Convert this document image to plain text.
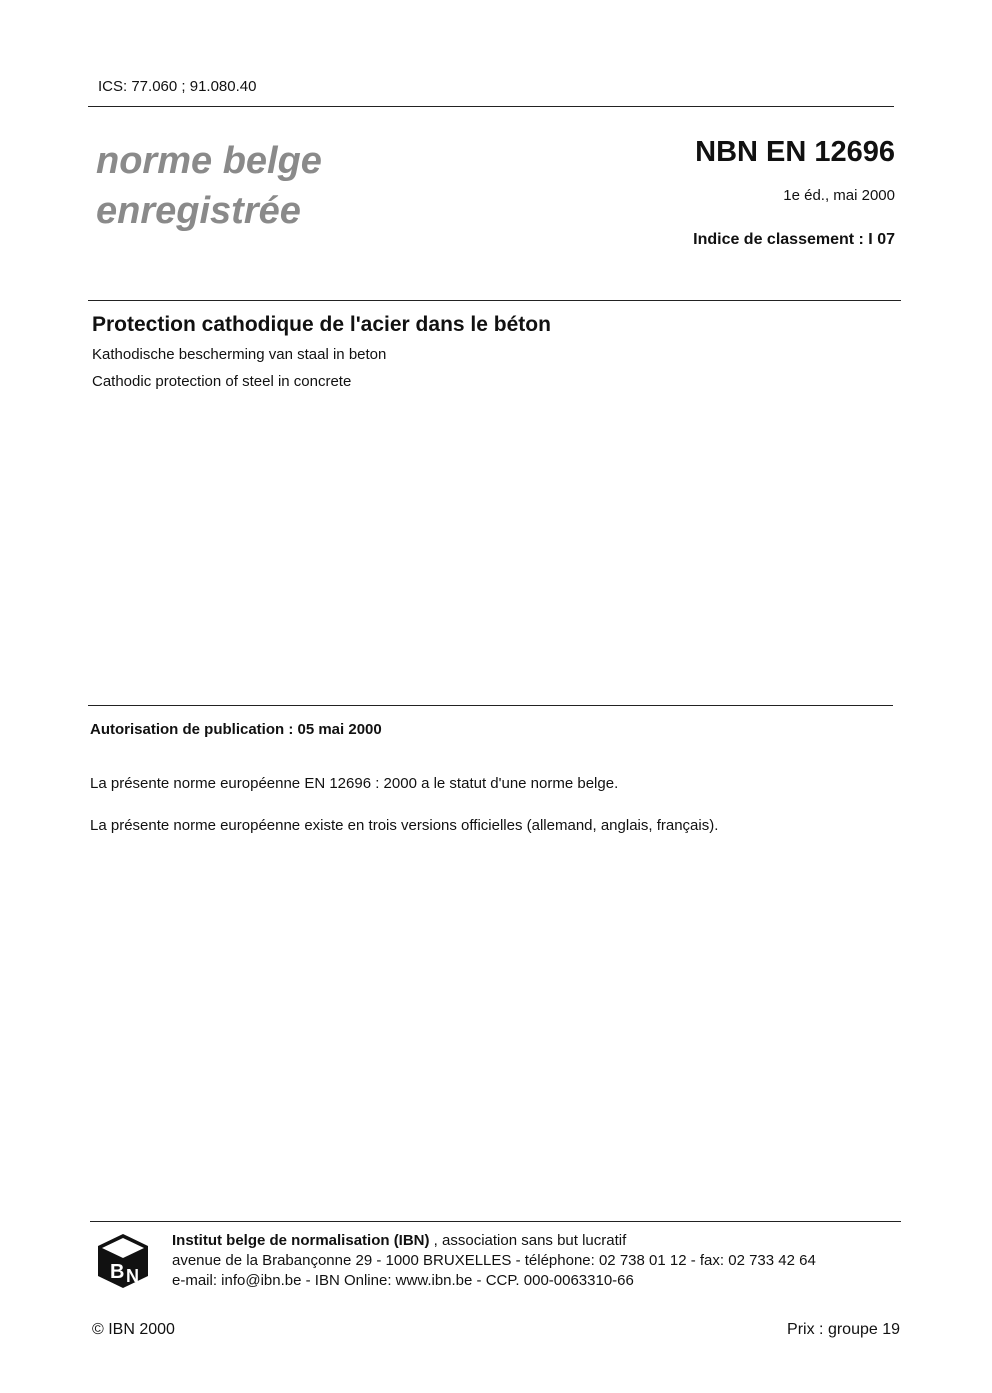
ICS: 77.060 ; 91.080.40
norme belge
enregistrée
NBN EN 12696
1e éd., mai 2000
Indice de classement : I 07
Protection cathodique de l'acier dans le béton
Kathodische bescherming van staal in beton
Cathodic protection of steel in concrete
Autorisation de publication : 05 mai 2000
La présente norme européenne EN 12696 : 2000 a le statut d'une norme belge.
La présente norme européenne existe en trois versions officielles (allemand, anglais, français).
B N
Institut belge de normalisation (IBN) , association sans but lucratif
avenue de la Brabançonne 29 - 1000 BRUXELLES - téléphone: 02 738 01 12 - fax: 02 733 42 64
e-mail: info@ibn.be - IBN Online: www.ibn.be - CCP. 000-0063310-66
© IBN 2000	Prix : groupe 19
